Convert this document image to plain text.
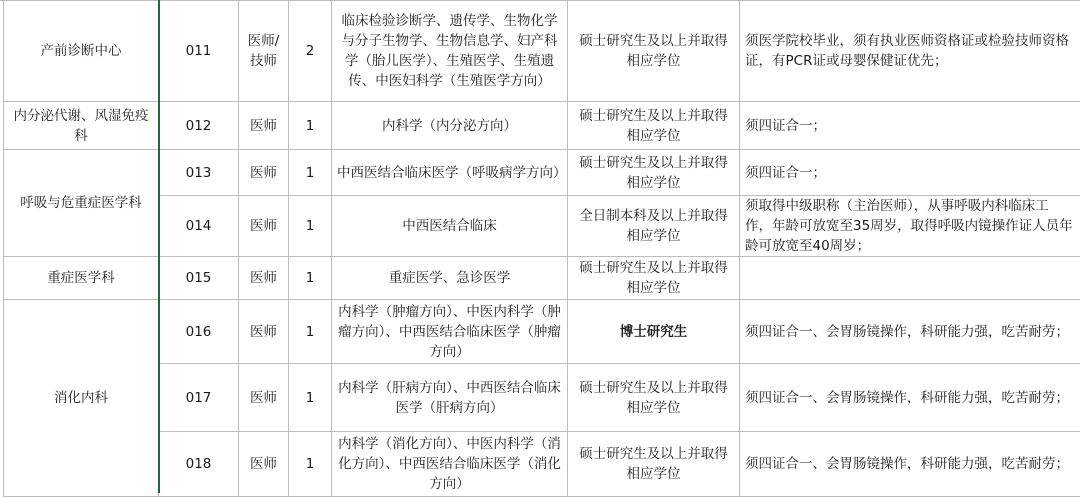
产前诊断中心	011	医师/技师	2	临床检验诊断学、遗传学、生物化学与分子生物学、生物信息学、妇产科学（胎儿医学）、生殖医学、生殖遗传、中医妇科学（生殖医学方向）	硕士研究生及以上并取得相应学位	须医学院校毕业，须有执业医师资格证或检验技师资格证，有PCR证或母婴保健证优先；
内分泌代谢、风湿免疫科	012	医师	1	内科学（内分泌方向）	硕士研究生及以上并取得相应学位	须四证合一；
呼吸与危重症医学科	013	医师	1	中西医结合临床医学（呼吸病学方向）	硕士研究生及以上并取得相应学位	须四证合一；
	014	医师	1	中西医结合临床	全日制本科及以上并取得相应学位	须取得中级职称（主治医师），从事呼吸内科临床工作，年龄可放宽至35周岁，取得呼吸内镜操作证人员年龄可放宽至40周岁；
重症医学科	015	医师	1	重症医学、急诊医学	硕士研究生及以上并取得相应学位	
消化内科	016	医师	1	内科学（肿瘤方向）、中医内科学（肿瘤方向）、中西医结合临床医学（肿瘤方向）	博士研究生	须四证合一、会胃肠镜操作，科研能力强，吃苦耐劳；
	017	医师	1	内科学（肝病方向）、中西医结合临床医学（肝病方向）	硕士研究生及以上并取得相应学位	须四证合一、会胃肠镜操作，科研能力强，吃苦耐劳；
	018	医师	1	内科学（消化方向）、中医内科学（消化方向）、中西医结合临床医学（消化方向）	硕士研究生及以上并取得相应学位	须四证合一、会胃肠镜操作，科研能力强，吃苦耐劳；
